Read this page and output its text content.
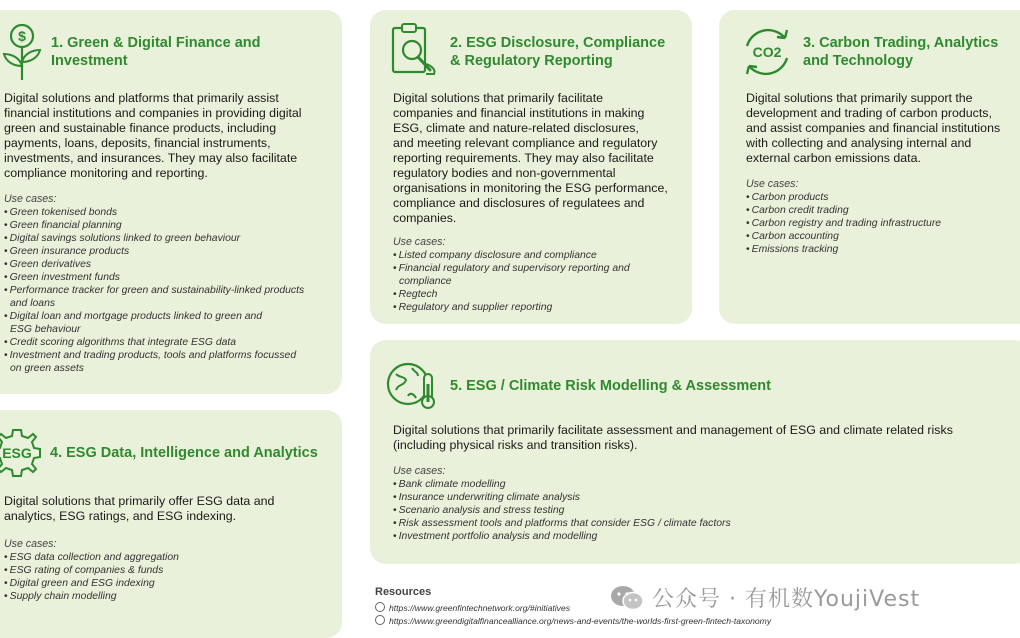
$ 1. Green & Digital Finance and
Investment
Digital solutions and platforms that primarily assist
financial institutions and companies in providing digital
green and sustainable finance products, including
payments, loans, deposits, financial instruments,
investments, and insurances. They may also facilitate
compliance monitoring and reporting.
Use cases:
• Green tokenised bonds
• Green financial planning
• Digital savings solutions linked to green behaviour
• Green insurance products
• Green derivatives
• Green investment funds
• Performance tracker for green and sustainability-linked products
and loans
• Digital loan and mortgage products linked to green and
ESG behaviour
• Credit scoring algorithms that integrate ESG data
• Investment and trading products, tools and platforms focussed
on green assets
2. ESG Disclosure, Compliance
& Regulatory Reporting
Digital solutions that primarily facilitate
companies and financial institutions in making
ESG, climate and nature-related disclosures,
and meeting relevant compliance and regulatory
reporting requirements. They may also facilitate
regulatory bodies and non-governmental
organisations in monitoring the ESG performance,
compliance and disclosures of regulatees and
companies.
Use cases:
• Listed company disclosure and compliance
• Financial regulatory and supervisory reporting and
compliance
• Regtech
• Regulatory and supplier reporting
CO2
3. Carbon Trading, Analytics
and Technology
Digital solutions that primarily support the
development and trading of carbon products,
and assist companies and financial institutions
with collecting and analysing internal and
external carbon emissions data.
Use cases:
• Carbon products
• Carbon credit trading
• Carbon registry and trading infrastructure
• Carbon accounting
• Emissions tracking
ESG 4. ESG Data, Intelligence and Analytics
Digital solutions that primarily offer ESG data and
analytics, ESG ratings, and ESG indexing.
Use cases:
• ESG data collection and aggregation
• ESG rating of companies & funds
• Digital green and ESG indexing
• Supply chain modelling
5. ESG / Climate Risk Modelling & Assessment
Digital solutions that primarily facilitate assessment and management of ESG and climate related risks
(including physical risks and transition risks).
Use cases:
• Bank climate modelling
• Insurance underwriting climate analysis
• Scenario analysis and stress testing
• Risk assessment tools and platforms that consider ESG / climate factors
• Investment portfolio analysis and modelling
Resources
https://www.greenfintechnetwork.org/#initiatives
https://www.greendigitalfinancealliance.org/news-and-events/the-worlds-first-green-fintech-taxonomy
公众号 · 有机数YoujiVest
